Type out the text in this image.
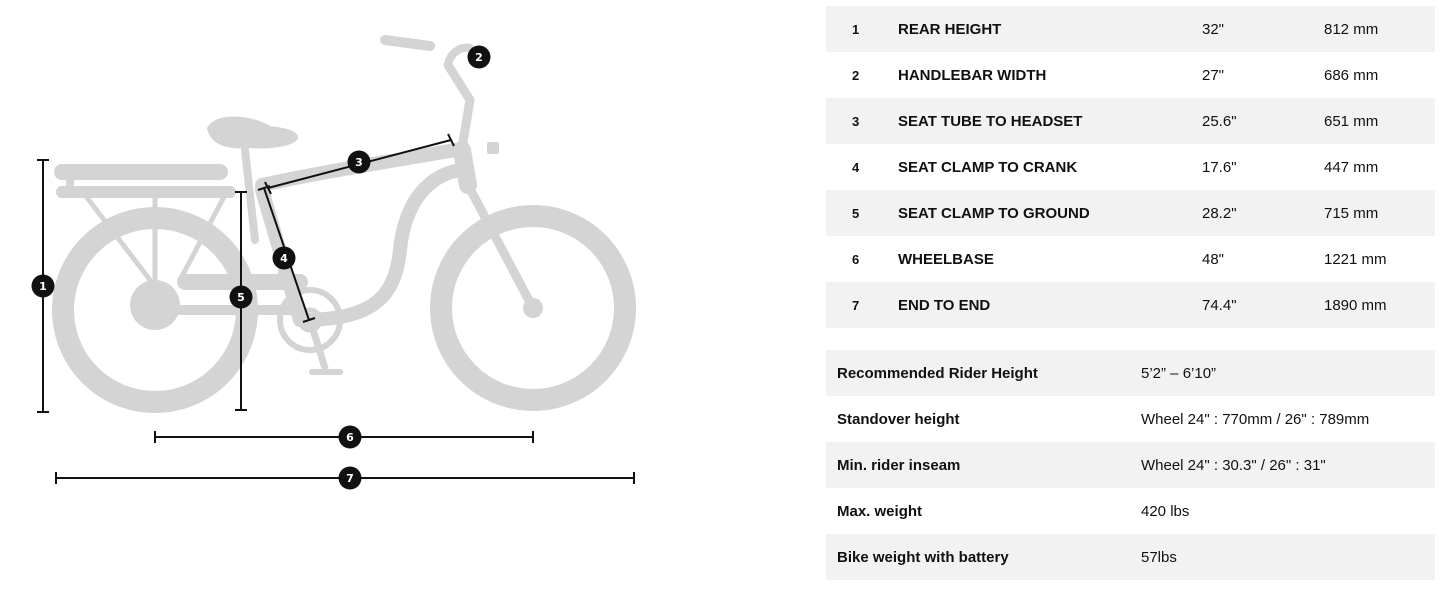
1
2
3
4
5
6
7
1	REAR HEIGHT	32"	812 mm
2	HANDLEBAR WIDTH	27"	686 mm
3	SEAT TUBE TO HEADSET	25.6"	651 mm
4	SEAT CLAMP TO CRANK	17.6"	447 mm
5	SEAT CLAMP TO GROUND	28.2"	715 mm
6	WHEELBASE	48"	1221 mm
7	END TO END	74.4"	1890 mm
Recommended Rider Height	5’2” – 6’10”
Standover height	Wheel 24" : 770mm / 26" : 789mm
Min. rider inseam	Wheel 24" : 30.3" / 26" : 31"
Max. weight	420 lbs
Bike weight with battery	57lbs
